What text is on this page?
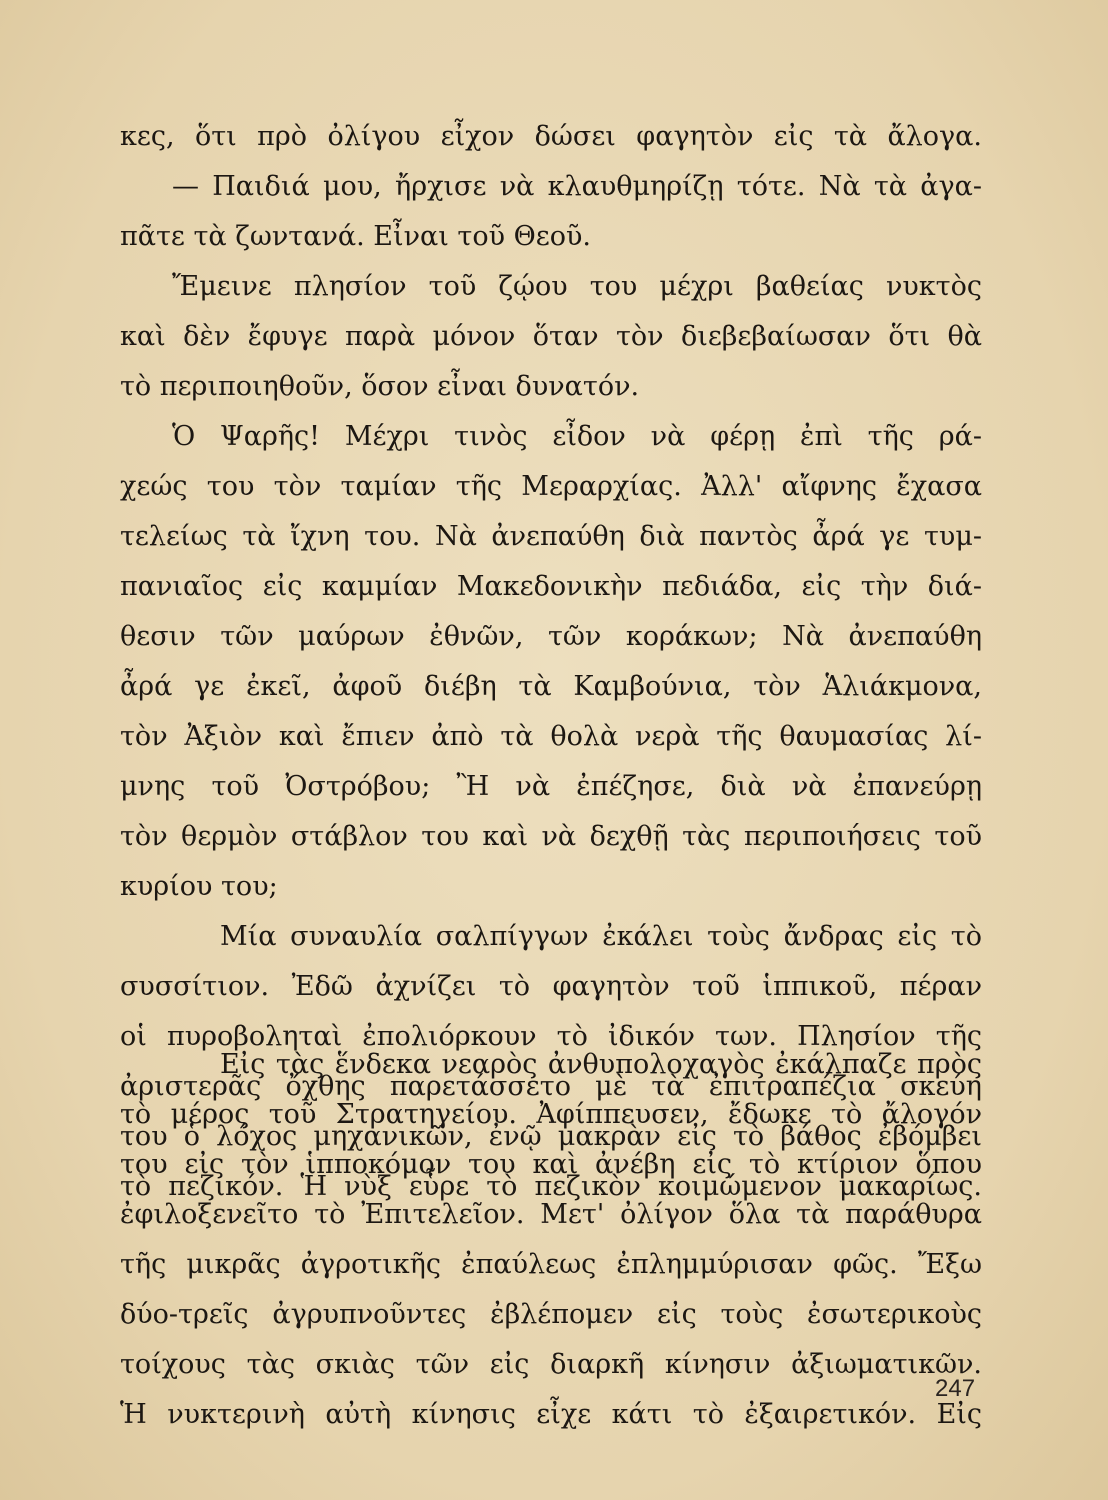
κες, ὅτι πρὸ ὀλίγου εἶχον δώσει φαγητὸν εἰς τὰ ἄλογα.
— Παιδιά μου, ἤρχισε νὰ κλαυθμηρίζῃ τότε. Νὰ τὰ ἀγα-
πᾶτε τὰ ζωντανά. Εἶναι τοῦ Θεοῦ.
Ἔμεινε πλησίον τοῦ ζῴου του μέχρι βαθείας νυκτὸς
καὶ δὲν ἔφυγε παρὰ μόνον ὅταν τὸν διεβεβαίωσαν ὅτι θὰ
τὸ περιποιηθοῦν, ὅσον εἶναι δυνατόν.
Ὁ Ψαρῆς! Μέχρι τινὸς εἶδον νὰ φέρῃ ἐπὶ τῆς ρά-
χεώς του τὸν ταμίαν τῆς Μεραρχίας. Ἀλλ' αἴφνης ἔχασα
τελείως τὰ ἴχνη του. Νὰ ἀνεπαύθη διὰ παντὸς ἆρά γε τυμ-
πανιαῖος εἰς καμμίαν Μακεδονικὴν πεδιάδα, εἰς τὴν διά-
θεσιν τῶν μαύρων ἐθνῶν, τῶν κοράκων; Νὰ ἀνεπαύθη
ἆρά γε ἐκεῖ, ἀφοῦ διέβη τὰ Καμβούνια, τὸν Ἁλιάκμονα,
τὸν Ἀξιὸν καὶ ἔπιεν ἀπὸ τὰ θολὰ νερὰ τῆς θαυμασίας λί-
μνης τοῦ Ὀστρόβου; Ἢ νὰ ἐπέζησε, διὰ νὰ ἐπανεύρῃ
τὸν θερμὸν στάβλον του καὶ νὰ δεχθῇ τὰς περιποιήσεις τοῦ
κυρίου του;
Μία συναυλία σαλπίγγων ἐκάλει τοὺς ἄνδρας εἰς τὸ
συσσίτιον. Ἐδῶ ἀχνίζει τὸ φαγητὸν τοῦ ἱππικοῦ, πέραν
οἱ πυροβοληταὶ ἐπολιόρκουν τὸ ἰδικόν των. Πλησίον τῆς
ἀριστερᾶς ὄχθης παρετάσσετο μὲ τὰ ἐπιτραπέζια σκεύη
του ὁ λόχος μηχανικῶν, ἐνῷ μακρὰν εἰς τὸ βάθος ἐβόμβει
τὸ πεζικόν. Ἡ νὺξ εὗρε τὸ πεζικὸν κοιμώμενον μακαρίως.
Εἰς τὰς ἕνδεκα νεαρὸς ἀνθυπολοχαγὸς ἐκάλπαζε πρὸς
τὸ μέρος τοῦ Στρατηγείου. Ἀφίππευσεν, ἔδωκε τὸ ἄλογόν
του εἰς τὸν ἱπποκόμον του καὶ ἀνέβη εἰς τὸ κτίριον ὅπου
ἐφιλοξενεῖτο τὸ Ἐπιτελεῖον. Μετ' ὀλίγον ὅλα τὰ παράθυρα
τῆς μικρᾶς ἀγροτικῆς ἐπαύλεως ἐπλημμύρισαν φῶς. Ἔξω
δύο-τρεῖς ἀγρυπνοῦντες ἐβλέπομεν εἰς τοὺς ἐσωτερικοὺς
τοίχους τὰς σκιὰς τῶν εἰς διαρκῆ κίνησιν ἀξιωματικῶν.
Ἡ νυκτερινὴ αὐτὴ κίνησις εἶχε κάτι τὸ ἐξαιρετικόν. Εἰς
247
